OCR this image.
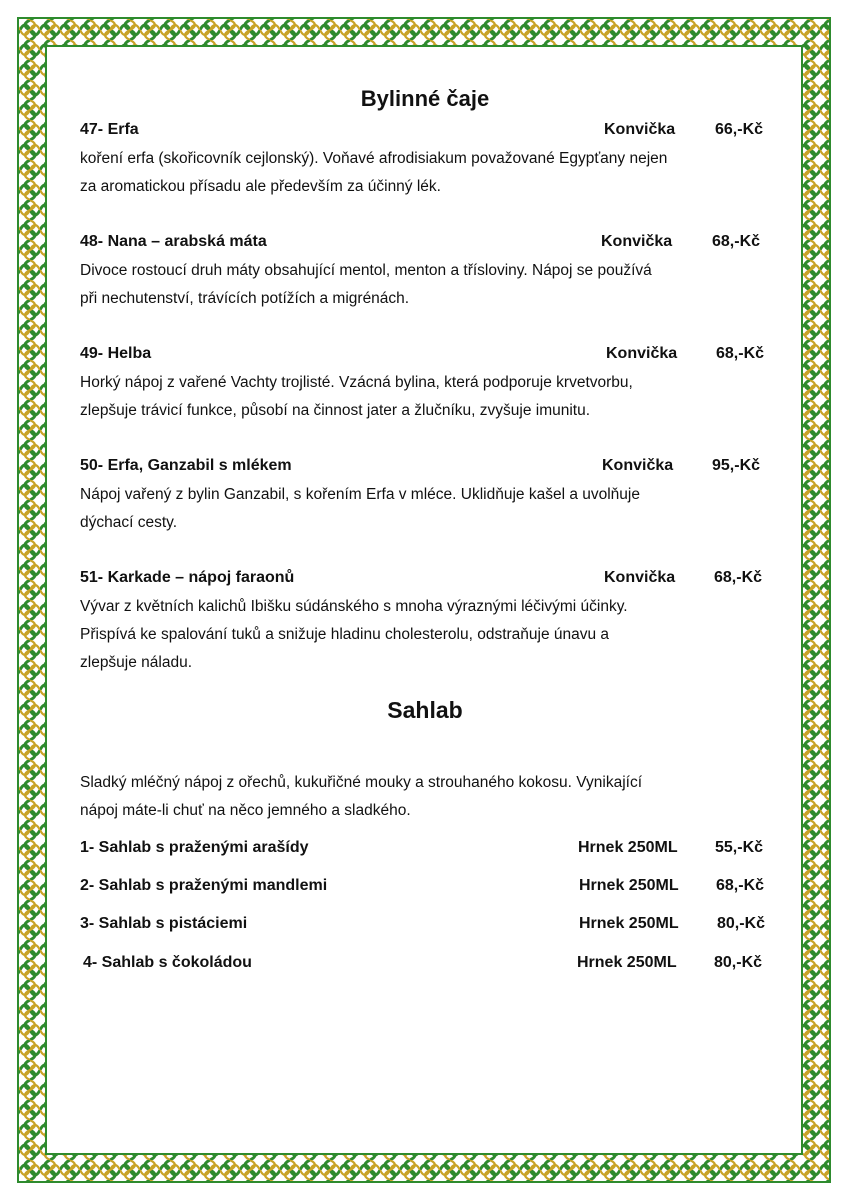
Bylinné čaje
47- Erfa	Konvička 66,-Kč
koření erfa (skořicovník cejlonský). Voňavé afrodisiakum považované Egypťany nejen
za aromatickou přísadu ale především za účinný lék.
48- Nana – arabská máta	Konvička 68,-Kč
Divoce rostoucí druh máty obsahující mentol, menton a třísloviny. Nápoj se používá
při nechutenství, trávících potížích a migrénách.
49- Helba	Konvička 68,-Kč
Horký nápoj z vařené Vachty trojlisté. Vzácná bylina, která podporuje krvetvorbu,
zlepšuje trávicí funkce, působí na činnost jater a žlučníku, zvyšuje imunitu.
50- Erfa, Ganzabil s mlékem	Konvička 95,-Kč
Nápoj vařený z bylin Ganzabil, s kořením Erfa v mléce. Uklidňuje kašel a uvolňuje
dýchací cesty.
51- Karkade – nápoj faraonů	Konvička 68,-Kč
Vývar z květních kalichů Ibišku súdánského s mnoha výraznými léčivými účinky.
Přispívá ke spalování tuků a snižuje hladinu cholesterolu, odstraňuje únavu a
zlepšuje náladu.
Sahlab
Sladký mléčný nápoj z ořechů, kukuřičné mouky a strouhaného kokosu. Vynikající
nápoj máte-li chuť na něco jemného a sladkého.
1- Sahlab s praženými arašídy	Hrnek 250ML 55,-Kč
2- Sahlab s praženými mandlemi	Hrnek 250ML 68,-Kč
3- Sahlab s pistáciemi	Hrnek 250ML 80,-Kč
4- Sahlab s čokoládou	Hrnek 250ML 80,-Kč
